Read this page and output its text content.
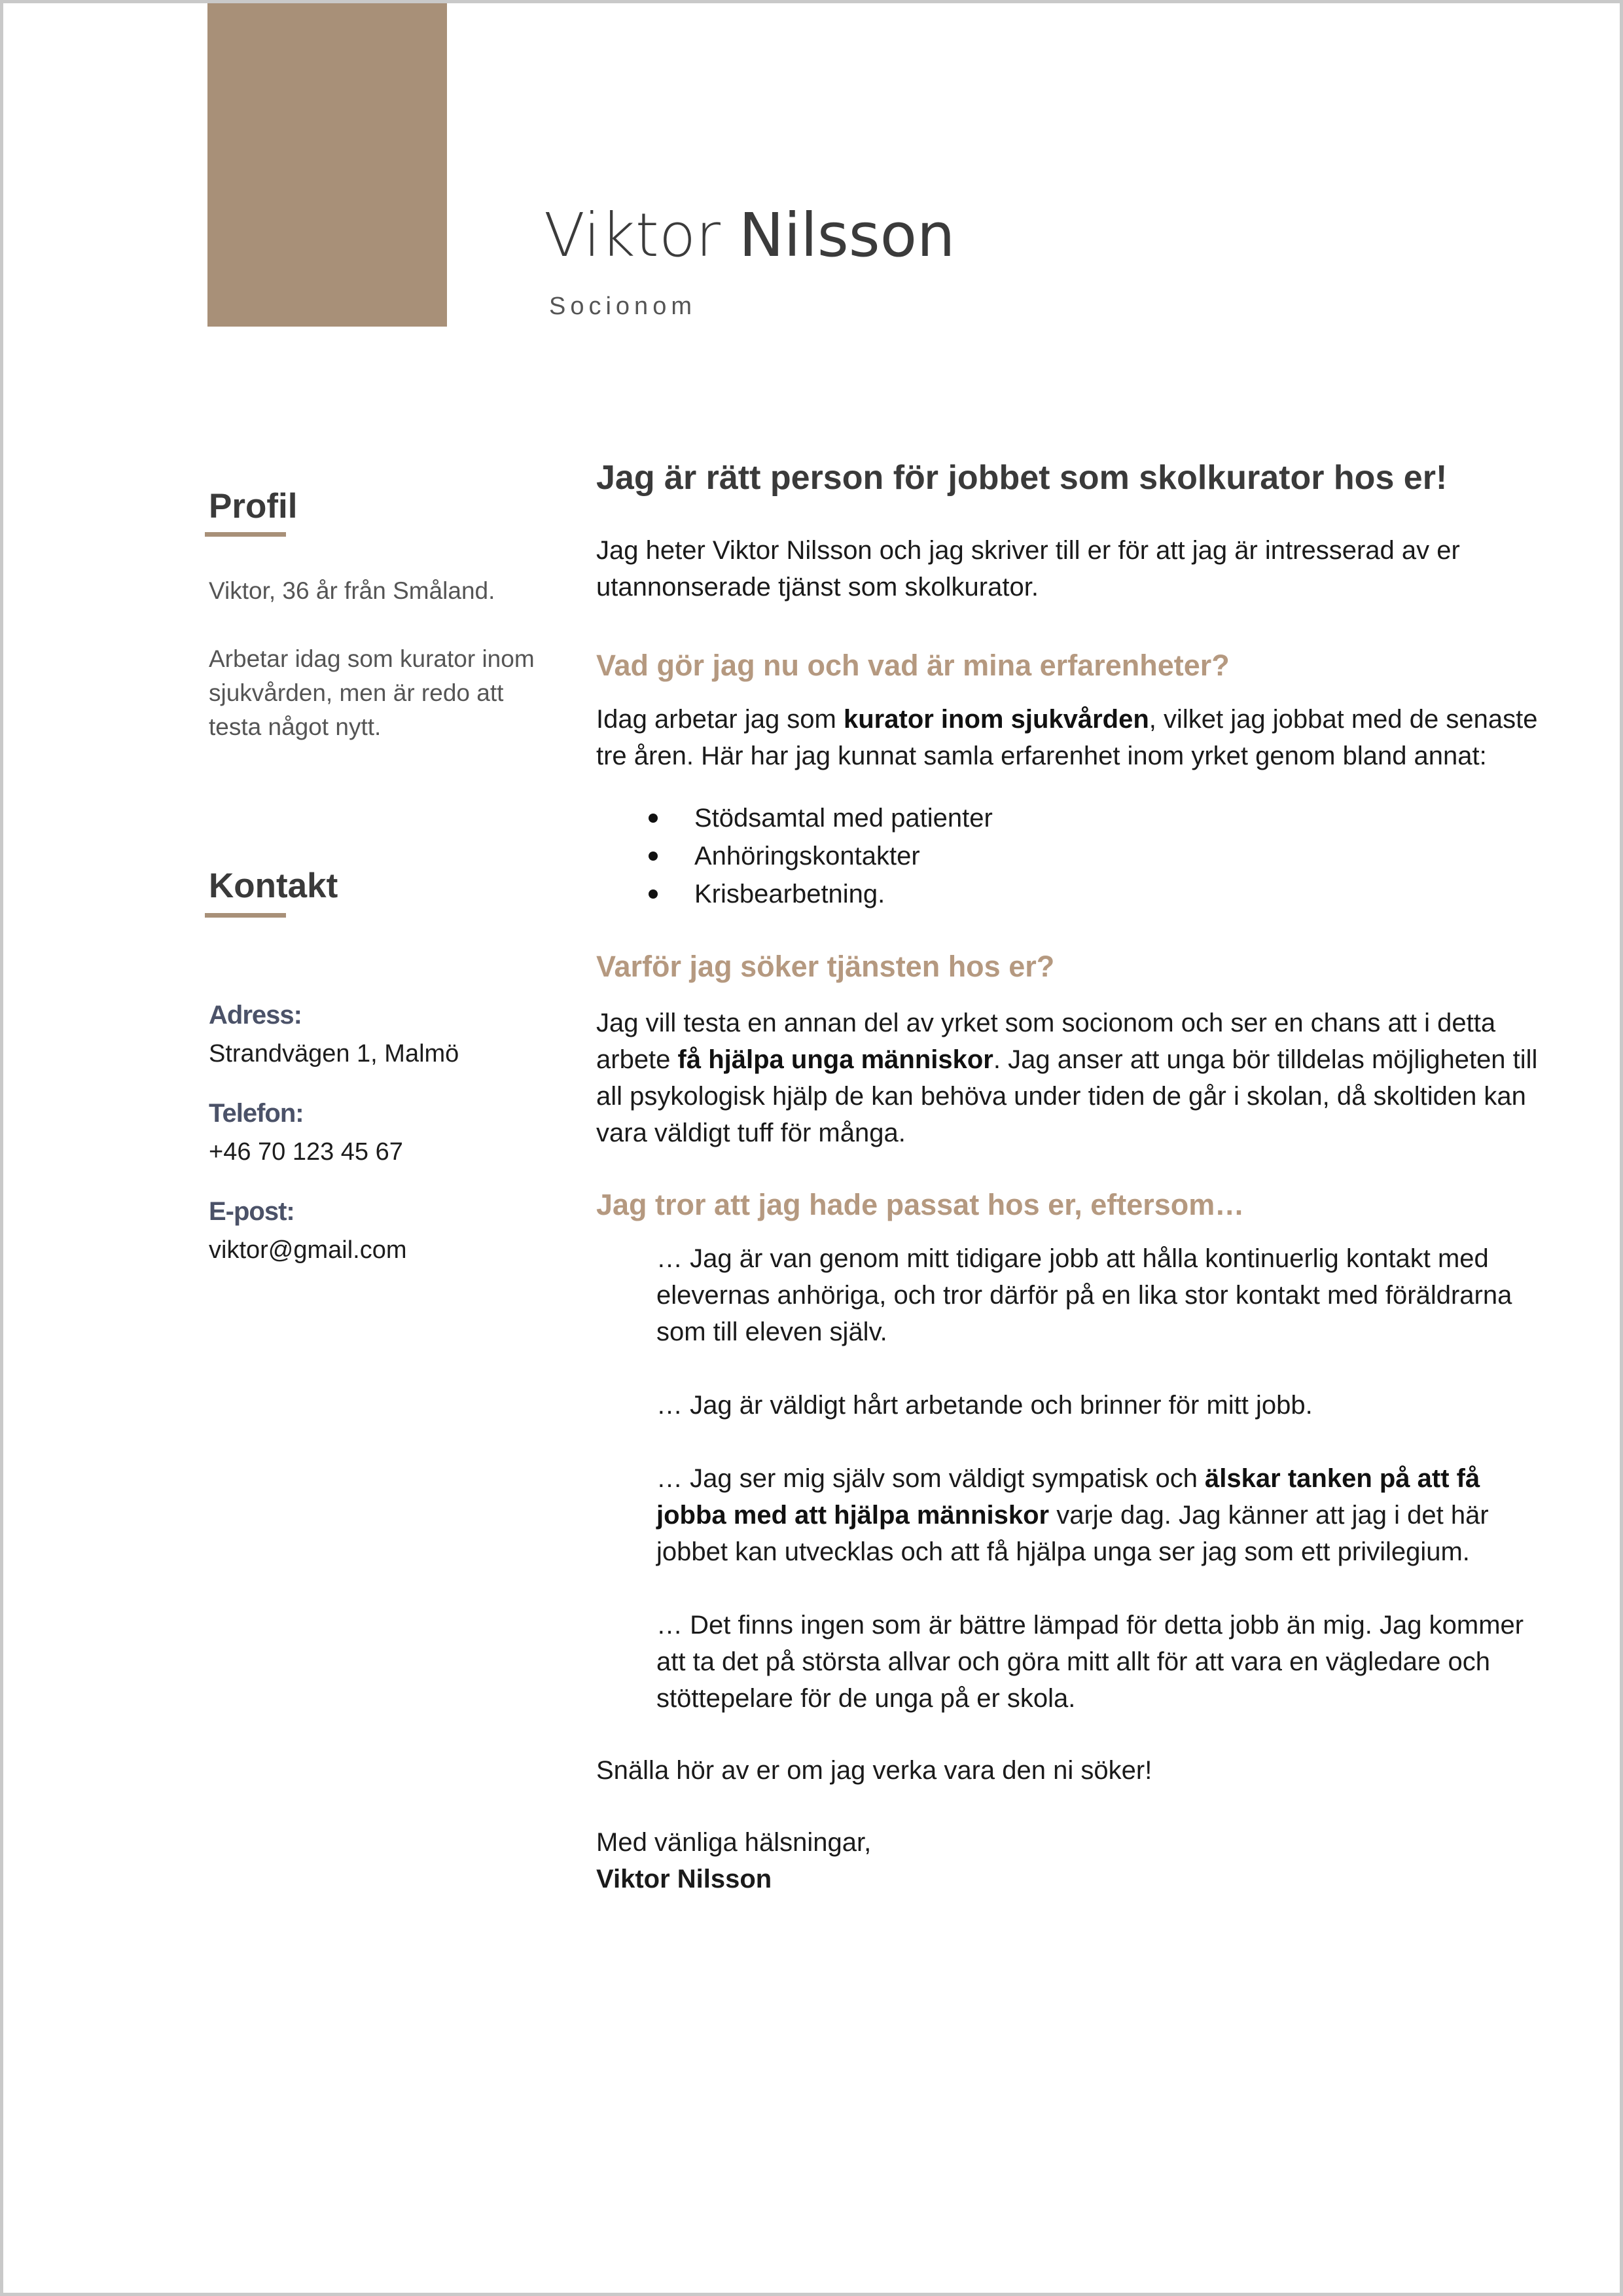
Viktor Nilsson
Socionom
Profil
Viktor, 36 år från Småland.
Arbetar idag som kurator inom sjukvården, men är redo att testa något nytt.
Kontakt
Adress:
Strandvägen 1, Malmö
Telefon:
+46 70 123 45 67
E-post:
viktor@gmail.com
Jag är rätt person för jobbet som skolkurator hos er!

Jag heter Viktor Nilsson och jag skriver till er för att jag är intresserad av er utannonserade tjänst som skolkurator.

Vad gör jag nu och vad är mina erfarenheter?

Idag arbetar jag som kurator inom sjukvården, vilket jag jobbat med de senaste tre åren. Här har jag kunnat samla erfarenhet inom yrket genom bland annat:

Stödsamtal med patienter
Anhöringskontakter
Krisbearbetning.
Varför jag söker tjänsten hos er?

Jag vill testa en annan del av yrket som socionom och ser en chans att i detta arbete få hjälpa unga människor. Jag anser att unga bör tilldelas möjligheten till all psykologisk hjälp de kan behöva under tiden de går i skolan, då skoltiden kan vara väldigt tuff för många.

Jag tror att jag hade passat hos er, eftersom…

… Jag är van genom mitt tidigare jobb att hålla kontinuerlig kontakt med elevernas anhöriga, och tror därför på en lika stor kontakt med föräldrarna som till eleven själv.

… Jag är väldigt hårt arbetande och brinner för mitt jobb.

… Jag ser mig själv som väldigt sympatisk och älskar tanken på att få jobba med att hjälpa människor varje dag. Jag känner att jag i det här jobbet kan utvecklas och att få hjälpa unga ser jag som ett privilegium.

… Det finns ingen som är bättre lämpad för detta jobb än mig. Jag kommer att ta det på största allvar och göra mitt allt för att vara en vägledare och stöttepelare för de unga på er skola.

Snälla hör av er om jag verka vara den ni söker!

Med vänliga hälsningar,

Viktor Nilsson
